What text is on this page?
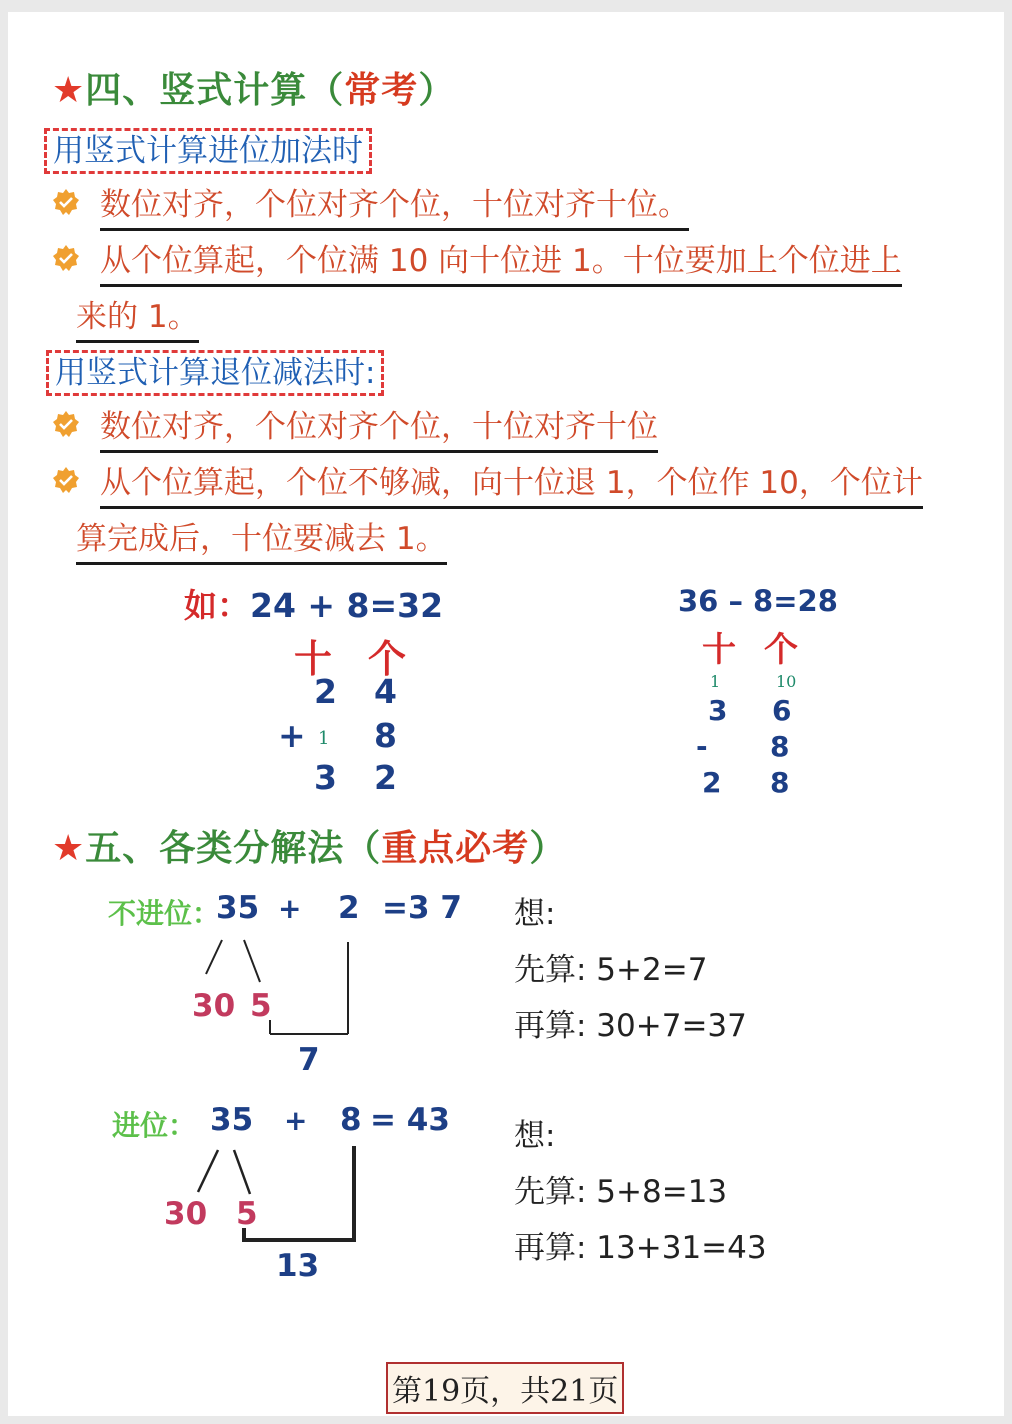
★四、竖式计算（常考）
用竖式计算进位加法时
数位对齐，个位对齐个位，十位对齐十位。
从个位算起，个位满 10 向十位进 1。十位要加上个位进上
来的 1。
用竖式计算退位减法时:
数位对齐，个位对齐个位，十位对齐十位
从个位算起，个位不够减，向十位退 1，个位作 10，个位计
算完成后，十位要减去 1。
如：24 + 8=32
十 个
2 4
+ 1 8
3 2
36 – 8=28
十 个
1	10
3 6
- 8
2 8
★五、各类分解法（重点必考）
不进位：
35 + 2 =3 7
30 5
7
想:
先算: 5+2=7
再算: 30+7=37
进位： 35 + 8 = 43
30 5
13
想:
先算: 5+8=13
再算: 13+31=43
第19页，共21页
